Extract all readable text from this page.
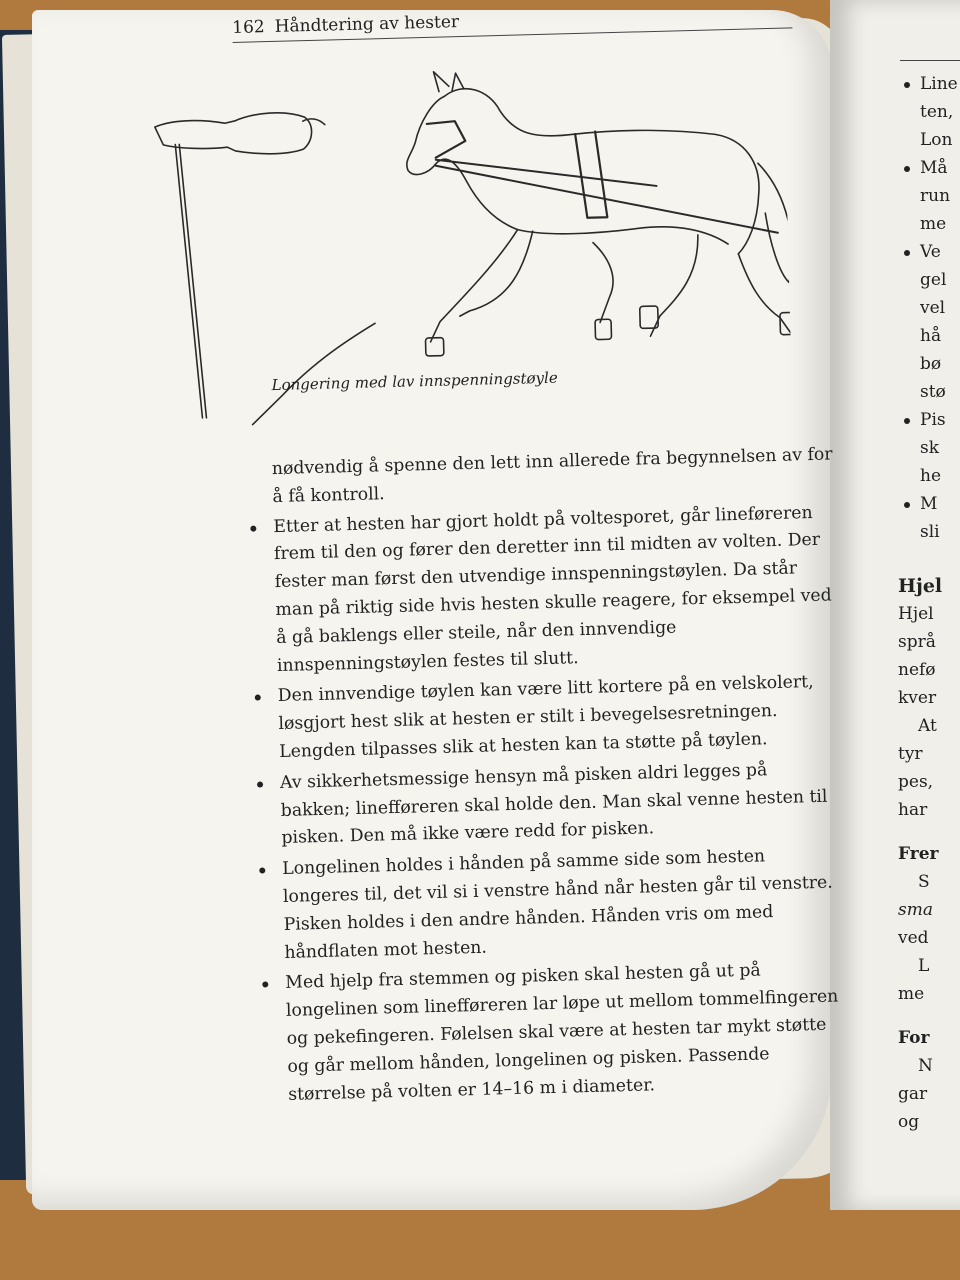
162 Håndtering av hester
Longering med lav innspenningstøyle

nødvendig å spenne den lett inn allerede fra begynnelsen av for å få kontroll.

Etter at hesten har gjort holdt på voltesporet, går lineføreren frem til den og fører den deretter inn til midten av volten. Der fester man først den utvendige innspenningstøylen. Da står man på riktig side hvis hesten skulle reagere, for eksempel ved å gå baklengs eller steile, når den innvendige innspenningstøylen festes til slutt.
Den innvendige tøylen kan være litt kortere på en velskolert, løsgjort hest slik at hesten er stilt i bevegelsesretningen. Lengden tilpasses slik at hesten kan ta støtte på tøylen.
Av sikkerhetsmessige hensyn må pisken aldri legges på bakken; linefføreren skal holde den. Man skal venne hesten til pisken. Den må ikke være redd for pisken.
Longelinen holdes i hånden på samme side som hesten longeres til, det vil si i venstre hånd når hesten går til venstre. Pisken holdes i den andre hånden. Hånden vris om med håndflaten mot hesten.
Med hjelp fra stemmen og pisken skal hesten gå ut på longelinen som linefføreren lar løpe ut mellom tommelfingeren og pekefingeren. Følelsen skal være at hesten tar mykt støtte og går mellom hånden, longelinen og pisken. Passende størrelse på volten er 14–16 m i diameter.
Line
ten,
Lon
Må
run
me
Ve
gel
vel
hå
bø
stø
Pis
sk
he
M
sli
Hjel
Hjel
språ
nefø
kver
At
tyr
pes,
har
Frer
S
sma
ved
L
me
For
N
gar
og
